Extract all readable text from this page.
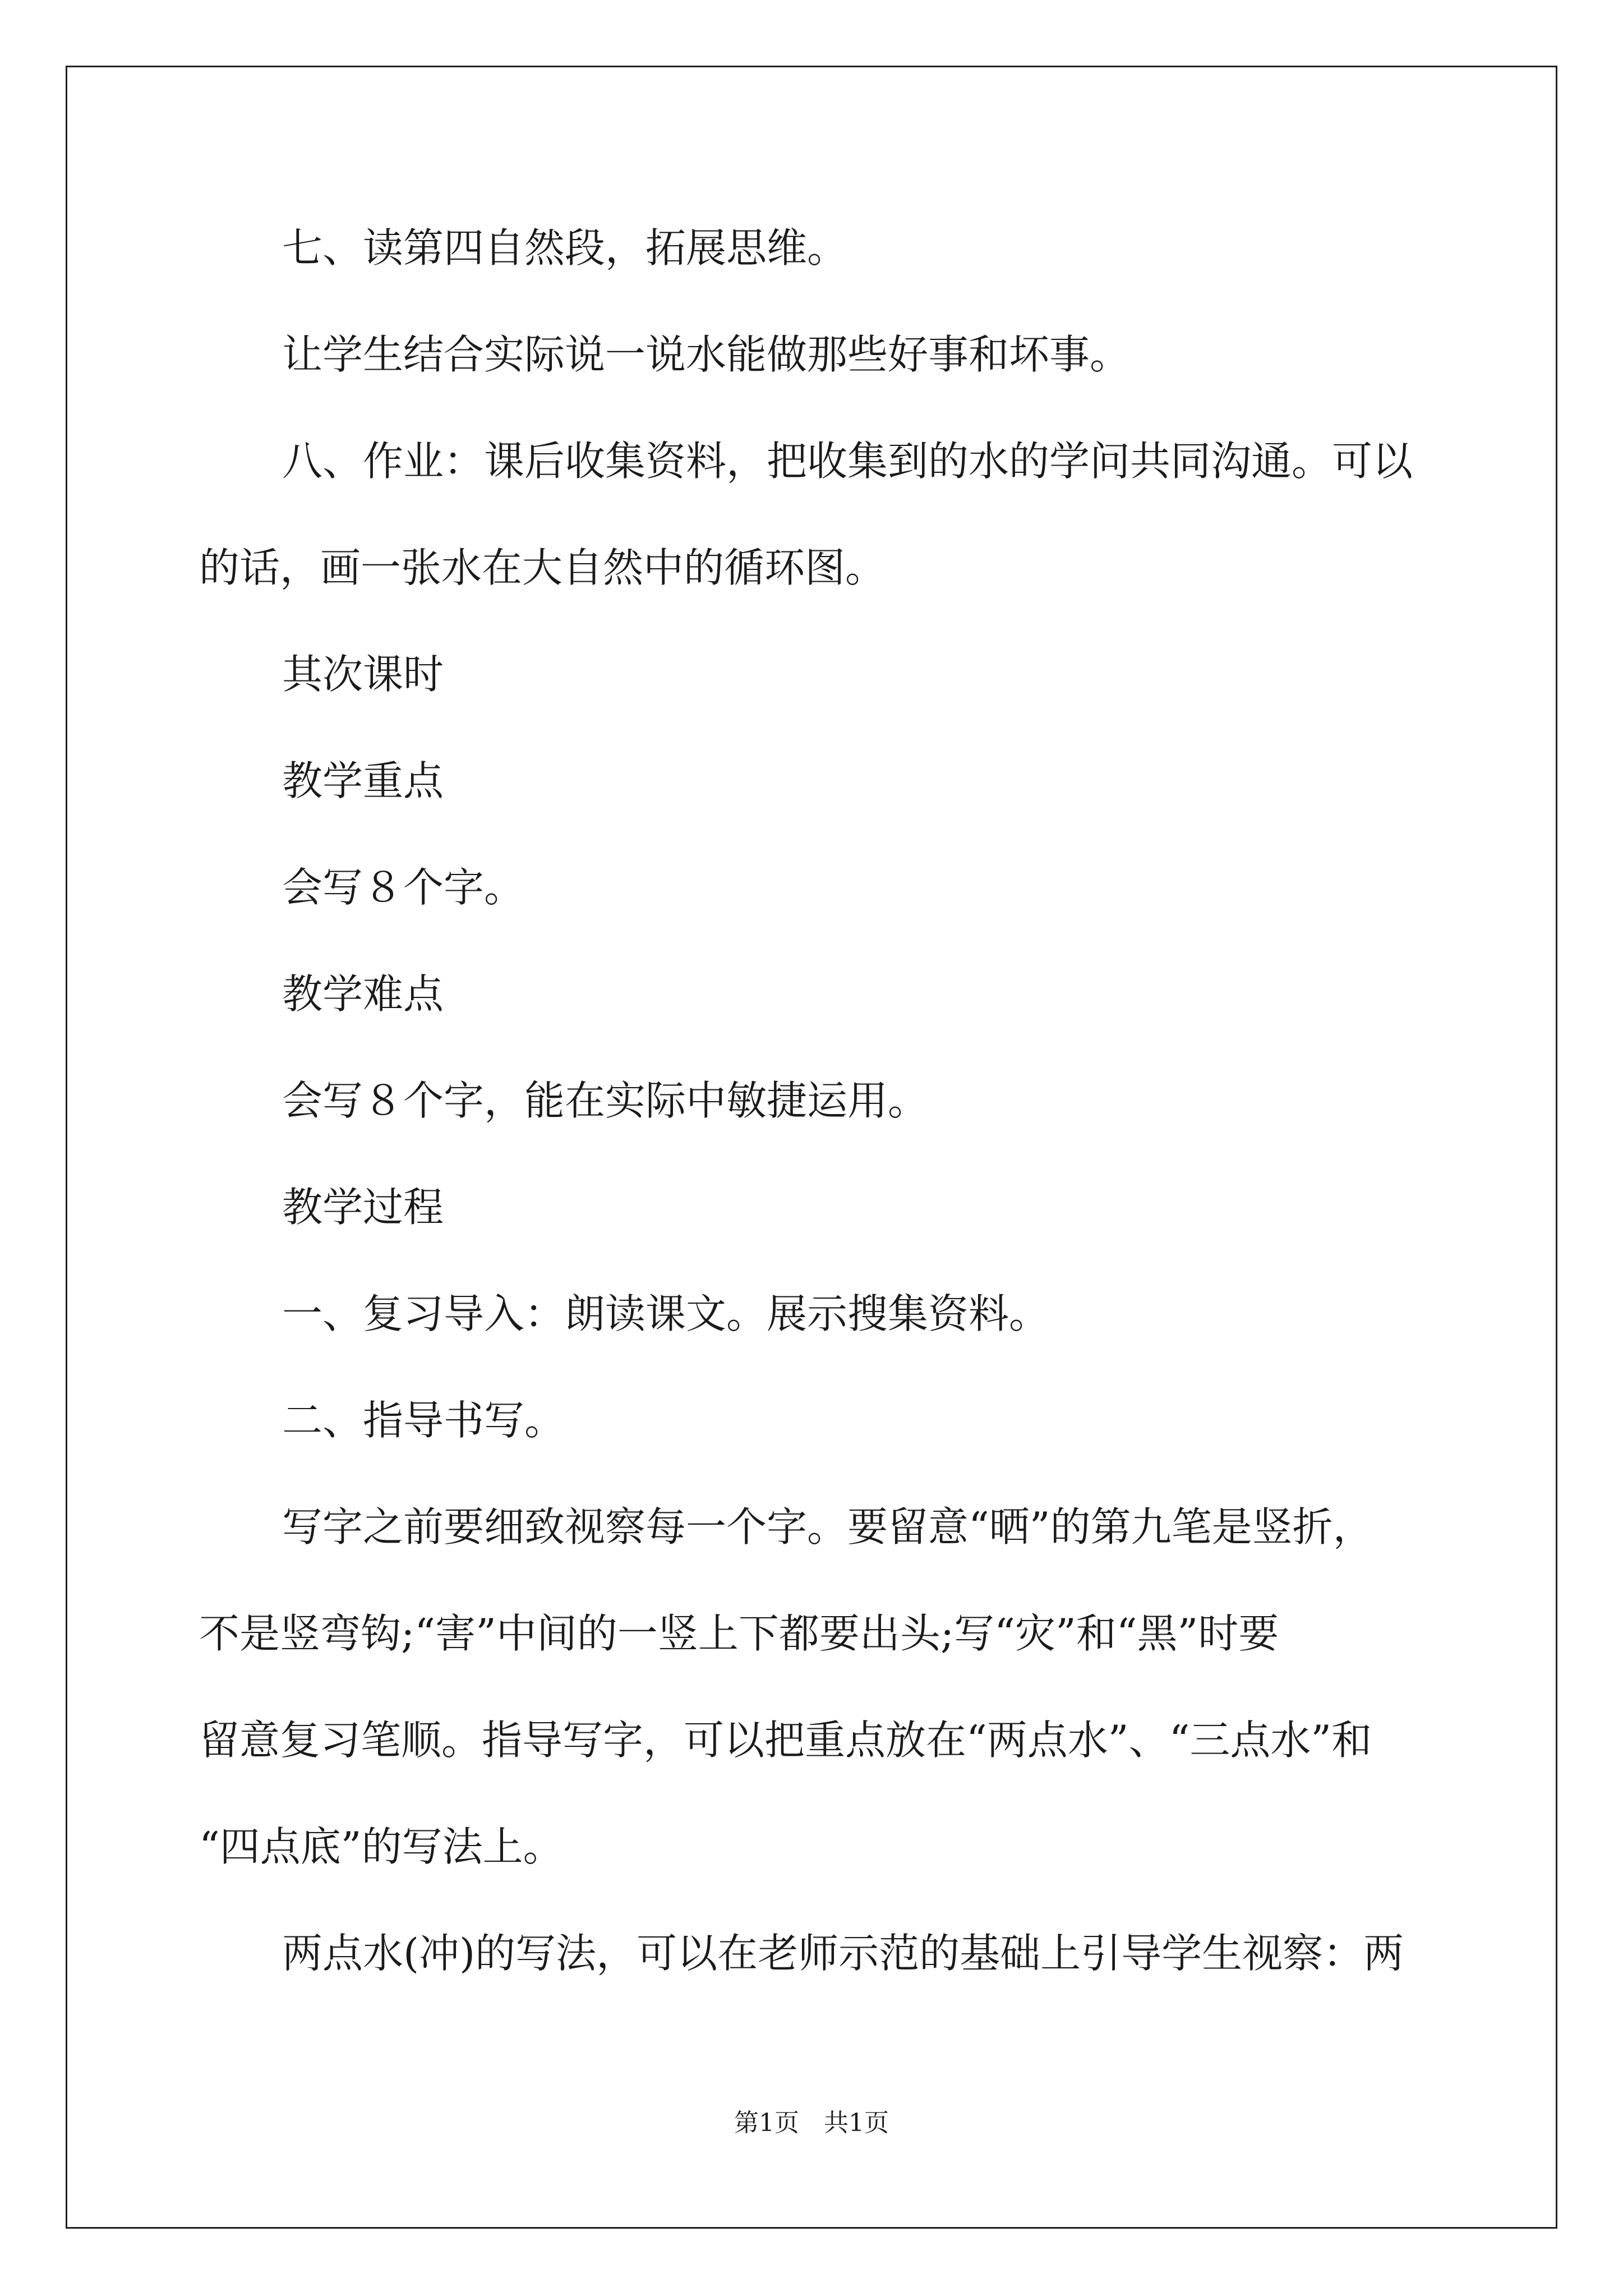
七、读第四自然段，拓展思维。
让学生结合实际说一说水能做那些好事和坏事。
八、作业：课后收集资料，把收集到的水的学问共同沟通。可以
的话，画一张水在大自然中的循环图。
其次课时
教学重点
会写８个字。
教学难点
会写８个字，能在实际中敏捷运用。
教学过程
一、复习导入：朗读课文。展示搜集资料。
二、指导书写。
写字之前要细致视察每一个字。要留意“晒”的第九笔是竖折，
不是竖弯钩;“害”中间的一竖上下都要出头;写“灾”和“黑”时要
留意复习笔顺。指导写字，可以把重点放在“两点水”、“三点水”和
“四点底”的写法上。
两点水(冲)的写法，可以在老师示范的基础上引导学生视察：两
第1页 共1页
